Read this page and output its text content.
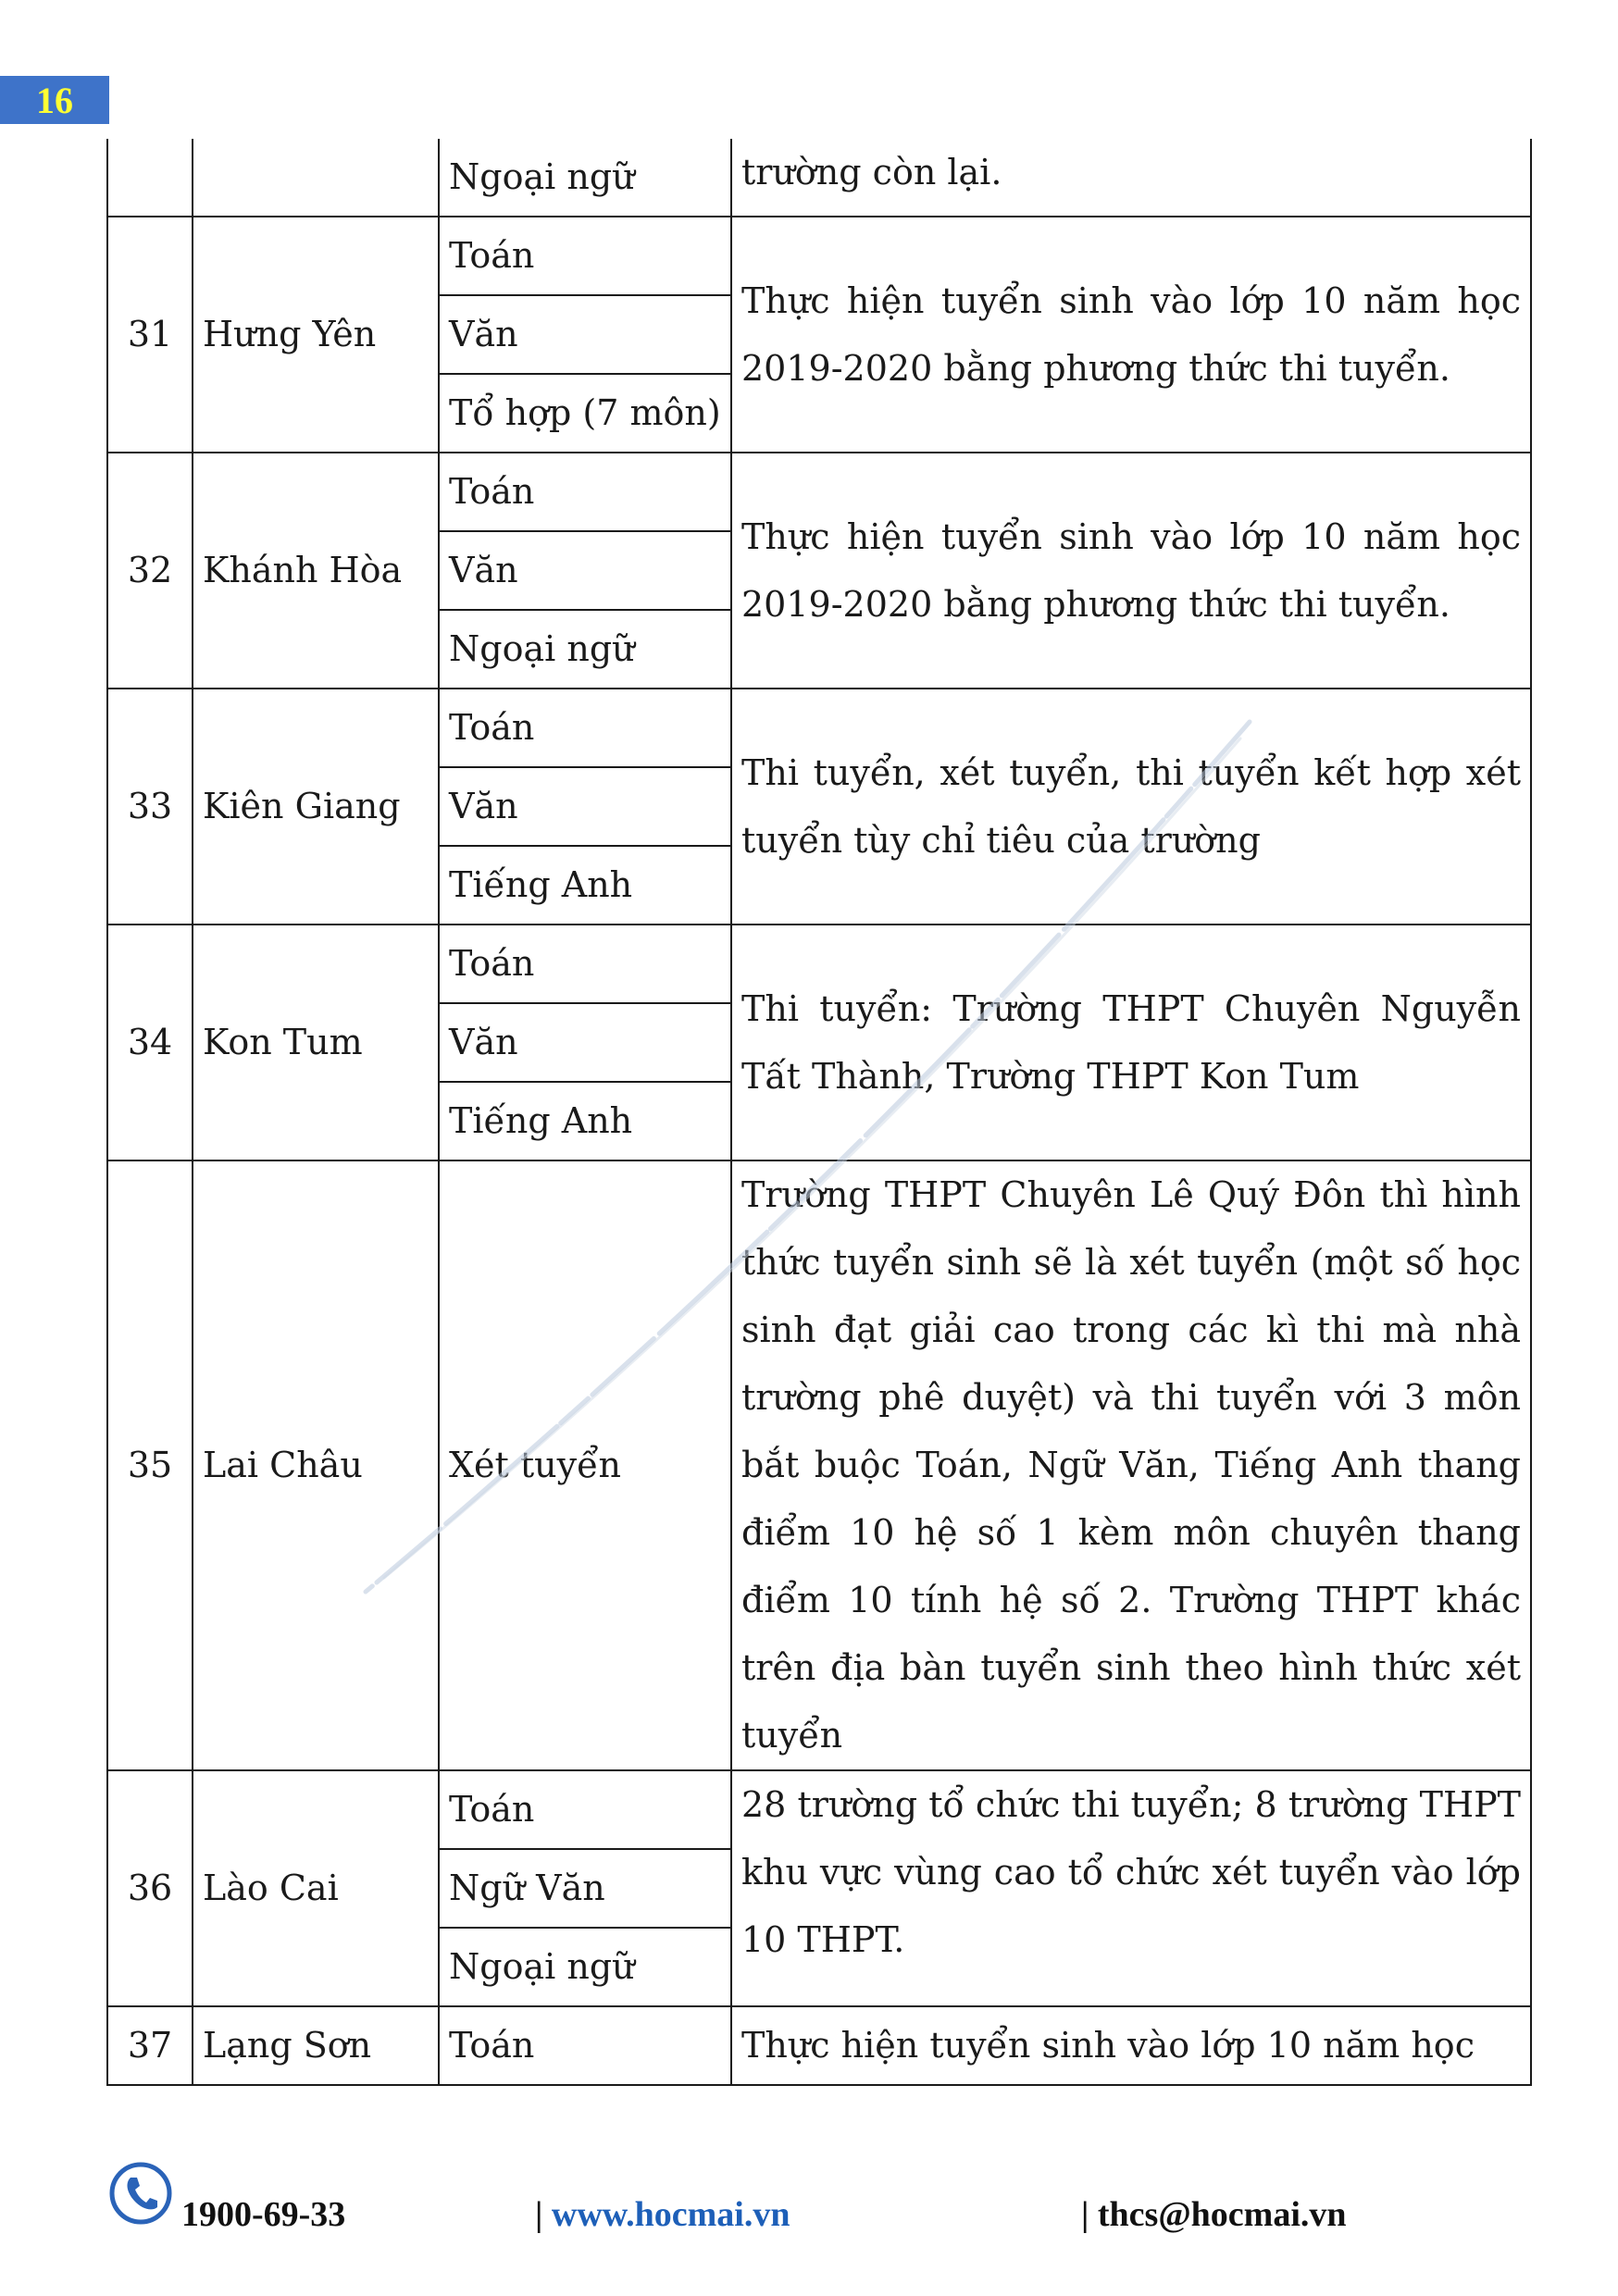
16
		Ngoại ngữ	trường còn lại.
31	Hưng Yên	Toán	Thực hiện tuyển sinh vào lớp 10 năm học 2019-2020 bằng phương thức thi tuyển.
		Văn	
		Tổ hợp (7 môn)	
32	Khánh Hòa	Toán	Thực hiện tuyển sinh vào lớp 10 năm học 2019-2020 bằng phương thức thi tuyển.
		Văn	
		Ngoại ngữ	
33	Kiên Giang	Toán	Thi tuyển, xét tuyển, thi tuyển kết hợp xét tuyển tùy chỉ tiêu của trường
		Văn	
		Tiếng Anh	
34	Kon Tum	Toán	Thi tuyển: Trường THPT Chuyên Nguyễn Tất Thành, Trường THPT Kon Tum
		Văn	
		Tiếng Anh	
35	Lai Châu	Xét tuyển	Trường THPT Chuyên Lê Quý Đôn thì hình thức tuyển sinh sẽ là xét tuyển (một số học sinh đạt giải cao trong các kì thi mà nhà trường phê duyệt) và thi tuyển với 3 môn bắt buộc Toán, Ngữ Văn, Tiếng Anh thang điểm 10 hệ số 1 kèm môn chuyên thang điểm 10 tính hệ số 2. Trường THPT khác trên địa bàn tuyển sinh theo hình thức xét tuyển
36	Lào Cai	Toán	28 trường tổ chức thi tuyển; 8 trường THPT khu vực vùng cao tổ chức xét tuyển vào lớp 10 THPT.
		Ngữ Văn	
		Ngoại ngữ	
37	Lạng Sơn	Toán	Thực hiện tuyển sinh vào lớp 10 năm học
1900-69-33	| www.hocmai.vn	| thcs@hocmai.vn
